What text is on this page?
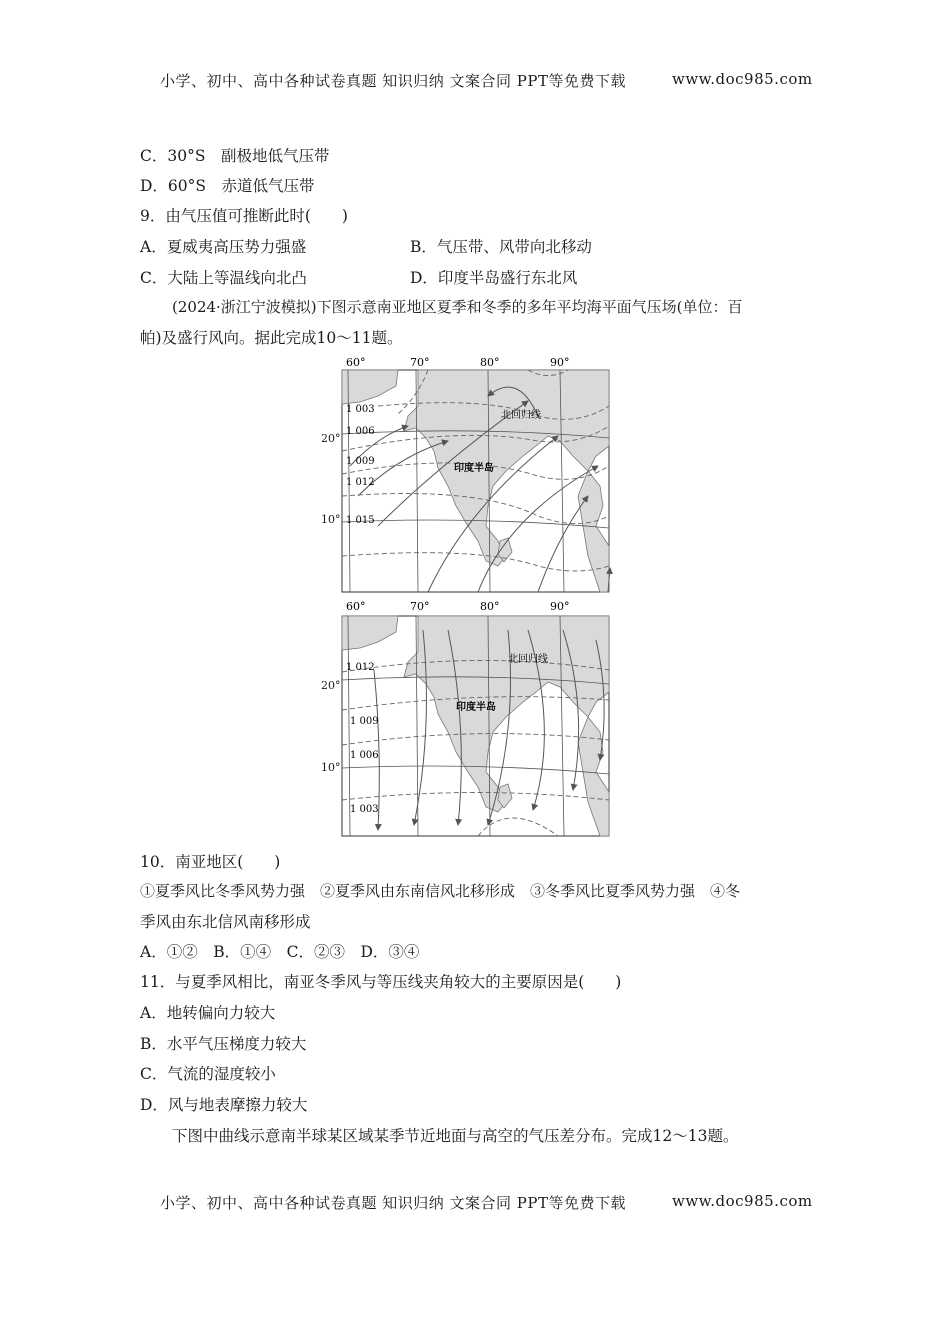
小学、初中、高中各种试卷真题 知识归纳 文案合同 PPT等免费下载	www.doc985.com
C．30°S　副极地低气压带
D．60°S　赤道低气压带
9．由气压值可推断此时(　　)
A．夏威夷高压势力强盛	B．气压带、风带向北移动
C．大陆上等温线向北凸	D．印度半岛盛行东北风
(2024·浙江宁波模拟)下图示意南亚地区夏季和冬季的多年平均海平面气压场(单位：百
帕)及盛行风向。据此完成10～11题。
60°	70°	80°	90°
1 003
1 006
1 009
1 012
1 015
北回归线
印度半岛
20°
10°
60°	70°	80°	90°
1 012
1 009
1 006
1 003
北回归线
印度半岛
20°
10°
10．南亚地区(　　)
①夏季风比冬季风势力强　②夏季风由东南信风北移形成　③冬季风比夏季风势力强　④冬
季风由东北信风南移形成
A．①②　B．①④　C．②③　D．③④
11．与夏季风相比，南亚冬季风与等压线夹角较大的主要原因是(　　)
A．地转偏向力较大
B．水平气压梯度力较大
C．气流的湿度较小
D．风与地表摩擦力较大
下图中曲线示意南半球某区域某季节近地面与高空的气压差分布。完成12～13题。
小学、初中、高中各种试卷真题 知识归纳 文案合同 PPT等免费下载	www.doc985.com
